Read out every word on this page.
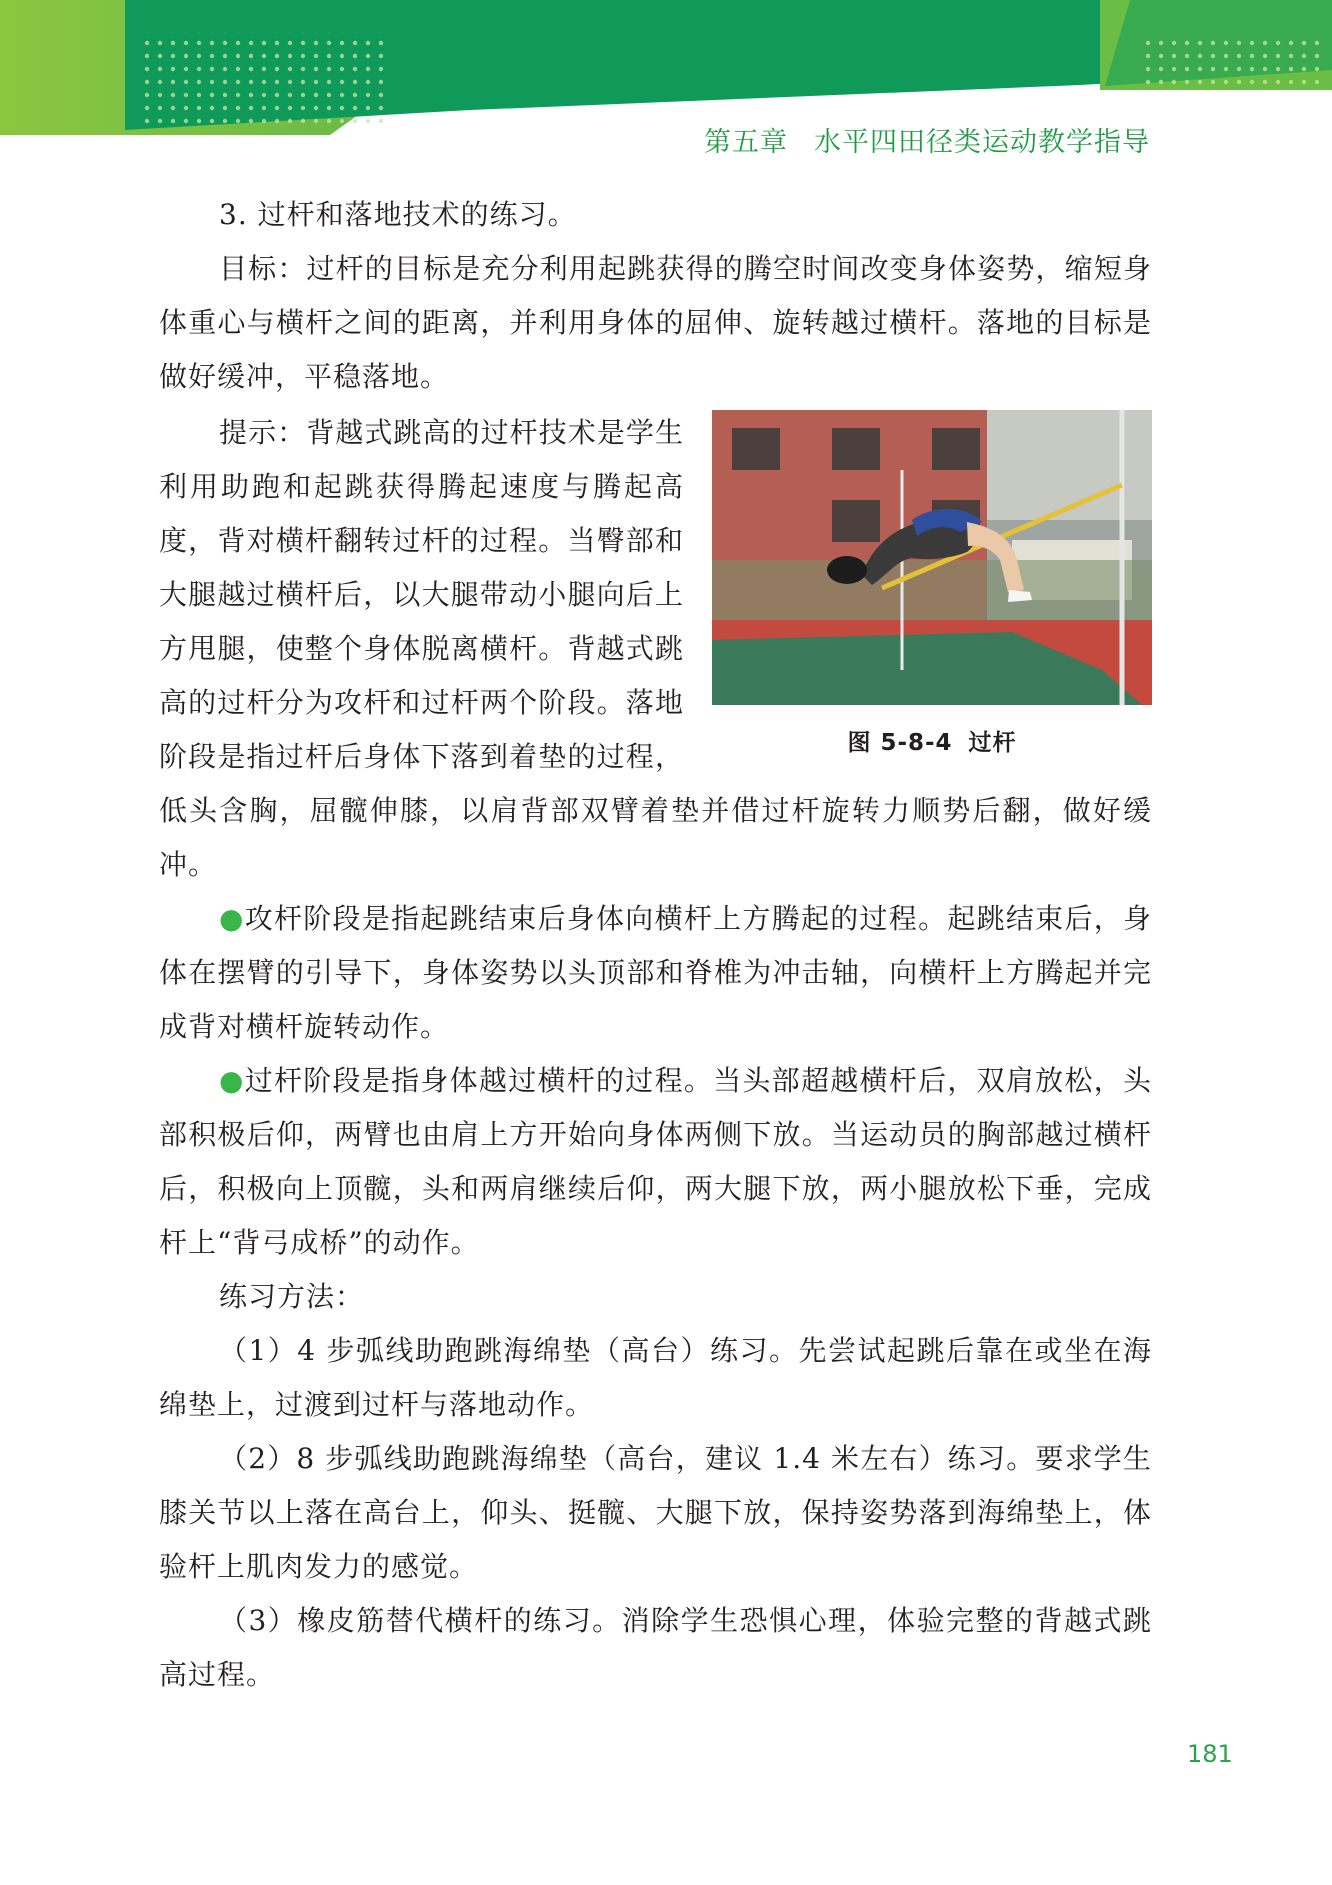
第五章 水平四田径类运动教学指导

3. 过杆和落地技术的练习。

目标：过杆的目标是充分利用起跳获得的腾空时间改变身体姿势，缩短身体重心与横杆之间的距离，并利用身体的屈伸、旋转越过横杆。落地的目标是做好缓冲，平稳落地。

图 5-8-4 过杆

提示：背越式跳高的过杆技术是学生利用助跑和起跳获得腾起速度与腾起高度，背对横杆翻转过杆的过程。当臀部和大腿越过横杆后，以大腿带动小腿向后上方甩腿，使整个身体脱离横杆。背越式跳高的过杆分为攻杆和过杆两个阶段。落地阶段是指过杆后身体下落到着垫的过程，低头含胸，屈髋伸膝，以肩背部双臂着垫并借过杆旋转力顺势后翻，做好缓冲。

●攻杆阶段是指起跳结束后身体向横杆上方腾起的过程。起跳结束后，身体在摆臂的引导下，身体姿势以头顶部和脊椎为冲击轴，向横杆上方腾起并完成背对横杆旋转动作。

●过杆阶段是指身体越过横杆的过程。当头部超越横杆后，双肩放松，头部积极后仰，两臂也由肩上方开始向身体两侧下放。当运动员的胸部越过横杆后，积极向上顶髋，头和两肩继续后仰，两大腿下放，两小腿放松下垂，完成杆上“背弓成桥”的动作。

练习方法：

（1）4 步弧线助跑跳海绵垫（高台）练习。先尝试起跳后靠在或坐在海绵垫上，过渡到过杆与落地动作。

（2）8 步弧线助跑跳海绵垫（高台，建议 1.4 米左右）练习。要求学生膝关节以上落在高台上，仰头、挺髋、大腿下放，保持姿势落到海绵垫上，体验杆上肌肉发力的感觉。

（3）橡皮筋替代横杆的练习。消除学生恐惧心理，体验完整的背越式跳高过程。

181
